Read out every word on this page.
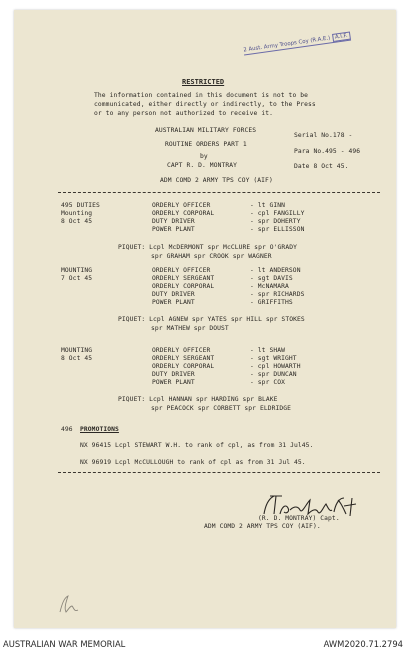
2 Aust. Army Troops Coy (R.A.E.) A.I.F.
RESTRICTED
The information contained in this document is not to be
communicated, either directly or indirectly, to the Press
or to any person not authorized to receive it.
AUSTRALIAN MILITARY FORCES
ROUTINE ORDERS PART 1
by
CAPT R. D. MONTRAY
ADM COMD 2 ARMY TPS COY (AIF)
Serial No.178 -
Para No.495 - 496
Date 8 Oct 45.
495 DUTIES
Mounting
8 Oct 45
ORDERLY OFFICER	- lt GINN
ORDERLY CORPORAL	- cpl FANGILLY
DUTY DRIVER	- spr DOHERTY
POWER PLANT	- spr ELLISSON
PIQUET: Lcpl McDERMONT spr McCLURE spr O'GRADY
spr GRAHAM spr CROOK spr WAGNER
MOUNTING
7 Oct 45
ORDERLY OFFICER	- lt ANDERSON
ORDERLY SERGEANT	- sgt DAVIS
ORDERLY CORPORAL	- McNAMARA
DUTY DRIVER	- spr RICHARDS
POWER PLANT	- GRIFFITHS
PIQUET: Lcpl AGNEW spr YATES spr HILL spr STOKES
spr MATHEW spr DOUST
MOUNTING
8 Oct 45
ORDERLY OFFICER	- lt SHAW
ORDERLY SERGEANT	- sgt WRIGHT
ORDERLY CORPORAL	- cpl HOWARTH
DUTY DRIVER	- spr DUNCAN
POWER PLANT	- spr COX
PIQUET: Lcpl HANNAN spr HARDING spr BLAKE
spr PEACOCK spr CORBETT spr ELDRIDGE
496 PROMOTIONS
NX 96415 Lcpl STEWART W.H. to rank of cpl, as from 31 Jul45.
NX 96919 Lcpl McCULLOUGH to rank of cpl as from 31 Jul 45.
(R. D. MONTRAY) Capt.
ADM COMD 2 ARMY TPS COY (AIF).
AUSTRALIAN WAR MEMORIAL	AWM2020.71.2794
